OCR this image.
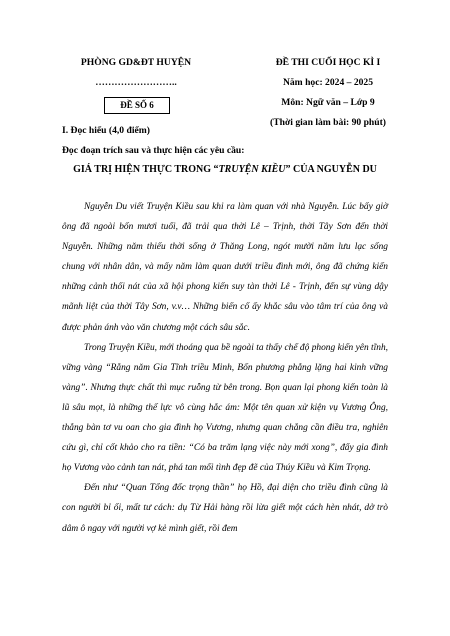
PHÒNG GD&ĐT HUYỆN
……………………..
ĐỀ SỐ 6
ĐỀ THI CUỐI HỌC KÌ I
Năm học: 2024 – 2025
Môn: Ngữ văn – Lớp 9
(Thời gian làm bài: 90 phút)
I. Đọc hiểu (4,0 điểm)
Đọc đoạn trích sau và thực hiện các yêu cầu:
GIÁ TRỊ HIỆN THỰC TRONG “TRUYỆN KIỀU” CỦA NGUYỄN DU

Nguyễn Du viết Truyện Kiều sau khi ra làm quan với nhà Nguyễn. Lúc bấy giờ ông đã ngoài bốn mươi tuổi, đã trải qua thời Lê – Trịnh, thời Tây Sơn đến thời Nguyễn. Những năm thiếu thời sống ở Thăng Long, ngót mười năm lưu lạc sống chung với nhân dân, và mấy năm làm quan dưới triều đình mới, ông đã chứng kiến những cảnh thối nát của xã hội phong kiến suy tàn thời Lê - Trịnh, đến sự vùng dậy mãnh liệt của thời Tây Sơn, v.v… Những biến cố ấy khắc sâu vào tâm trí của ông và được phản ánh vào văn chương một cách sâu sắc.

Trong Truyện Kiều, mới thoáng qua bề ngoài ta thấy chế độ phong kiến yên tĩnh, vững vàng “Rằng năm Gia Tĩnh triều Minh, Bốn phương phẳng lặng hai kinh vững vàng”. Nhưng thực chất thì mục ruỗng từ bên trong. Bọn quan lại phong kiến toàn là lũ sâu mọt, là những thế lực vô cùng hắc ám: Một tên quan xử kiện vụ Vương Ông, thẳng bàn tơ vu oan cho gia đình họ Vương, nhưng quan chẳng cần điều tra, nghiên cứu gì, chỉ cốt khảo cho ra tiền: “Có ba trăm lạng việc này mới xong”, đẩy gia đình họ Vương vào cảnh tan nát, phá tan mối tình đẹp đẽ của Thúy Kiều và Kim Trọng.

Đến như “Quan Tổng đốc trọng thần” họ Hồ, đại diện cho triều đình cũng là con người bỉ ổi, mất tư cách: dụ Từ Hải hàng rồi lừa giết một cách hèn nhát, dở trò dâm ô ngay với người vợ kẻ mình giết, rồi đem
